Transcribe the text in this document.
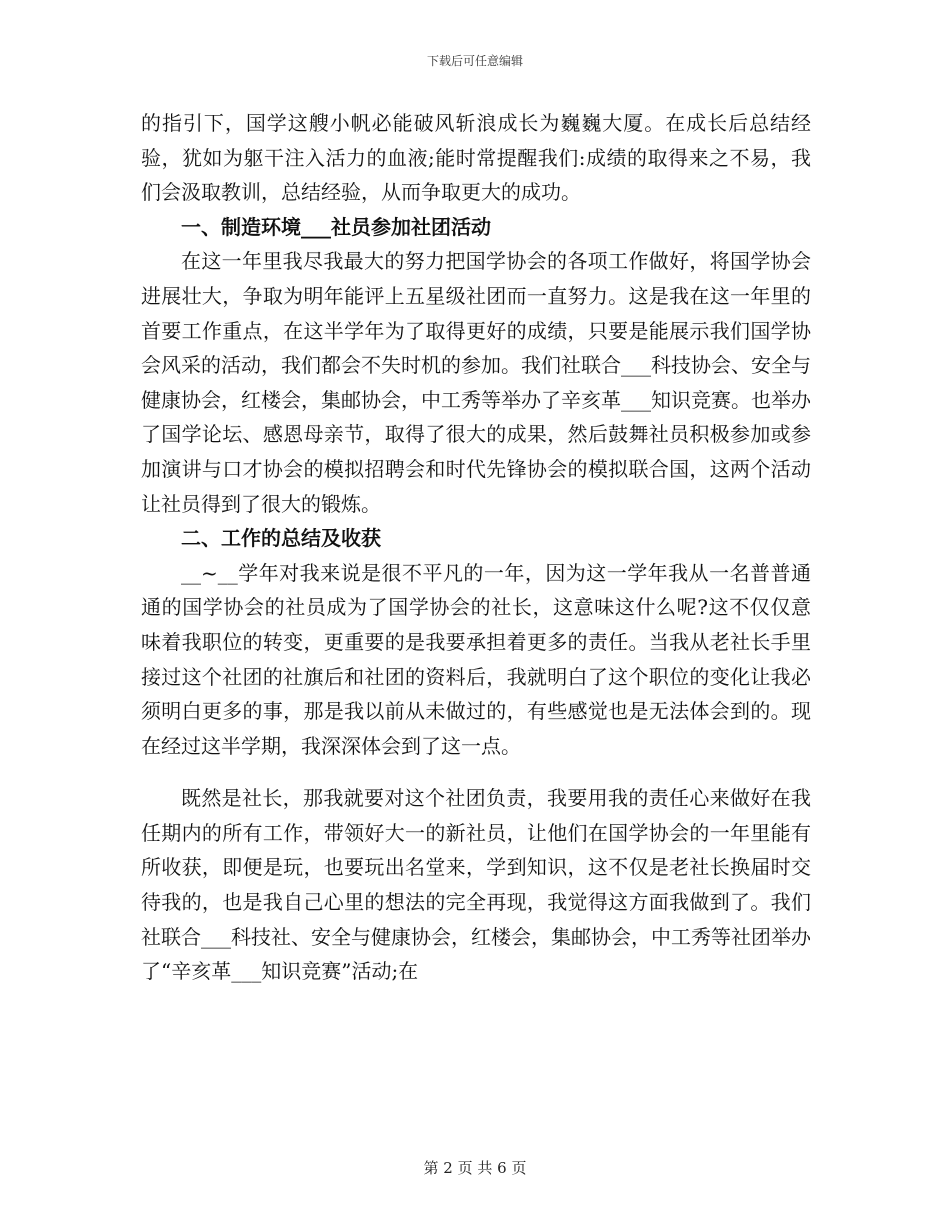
下载后可任意编辑

的指引下，国学这艘小帆必能破风斩浪成长为巍巍大厦。在成长后总结经验，犹如为躯干注入活力的血液;能时常提醒我们:成绩的取得来之不易，我们会汲取教训，总结经验，从而争取更大的成功。

一、制造环境___社员参加社团活动

在这一年里我尽我最大的努力把国学协会的各项工作做好，将国学协会进展壮大，争取为明年能评上五星级社团而一直努力。这是我在这一年里的首要工作重点，在这半学年为了取得更好的成绩，只要是能展示我们国学协会风采的活动，我们都会不失时机的参加。我们社联合___科技协会、安全与健康协会，红楼会，集邮协会，中工秀等举办了辛亥革___知识竞赛。也举办了国学论坛、感恩母亲节，取得了很大的成果，然后鼓舞社员积极参加或参加演讲与口才协会的模拟招聘会和时代先锋协会的模拟联合国，这两个活动让社员得到了很大的锻炼。

二、工作的总结及收获

__~__学年对我来说是很不平凡的一年，因为这一学年我从一名普普通通的国学协会的社员成为了国学协会的社长，这意味这什么呢?这不仅仅意味着我职位的转变，更重要的是我要承担着更多的责任。当我从老社长手里接过这个社团的社旗后和社团的资料后，我就明白了这个职位的变化让我必须明白更多的事，那是我以前从未做过的，有些感觉也是无法体会到的。现在经过这半学期，我深深体会到了这一点。

既然是社长，那我就要对这个社团负责，我要用我的责任心来做好在我任期内的所有工作，带领好大一的新社员，让他们在国学协会的一年里能有所收获，即便是玩，也要玩出名堂来，学到知识，这不仅是老社长换届时交待我的，也是我自己心里的想法的完全再现，我觉得这方面我做到了。我们社联合___科技社、安全与健康协会，红楼会，集邮协会，中工秀等社团举办了“辛亥革___知识竞赛”活动;在

第 2 页 共 6 页
